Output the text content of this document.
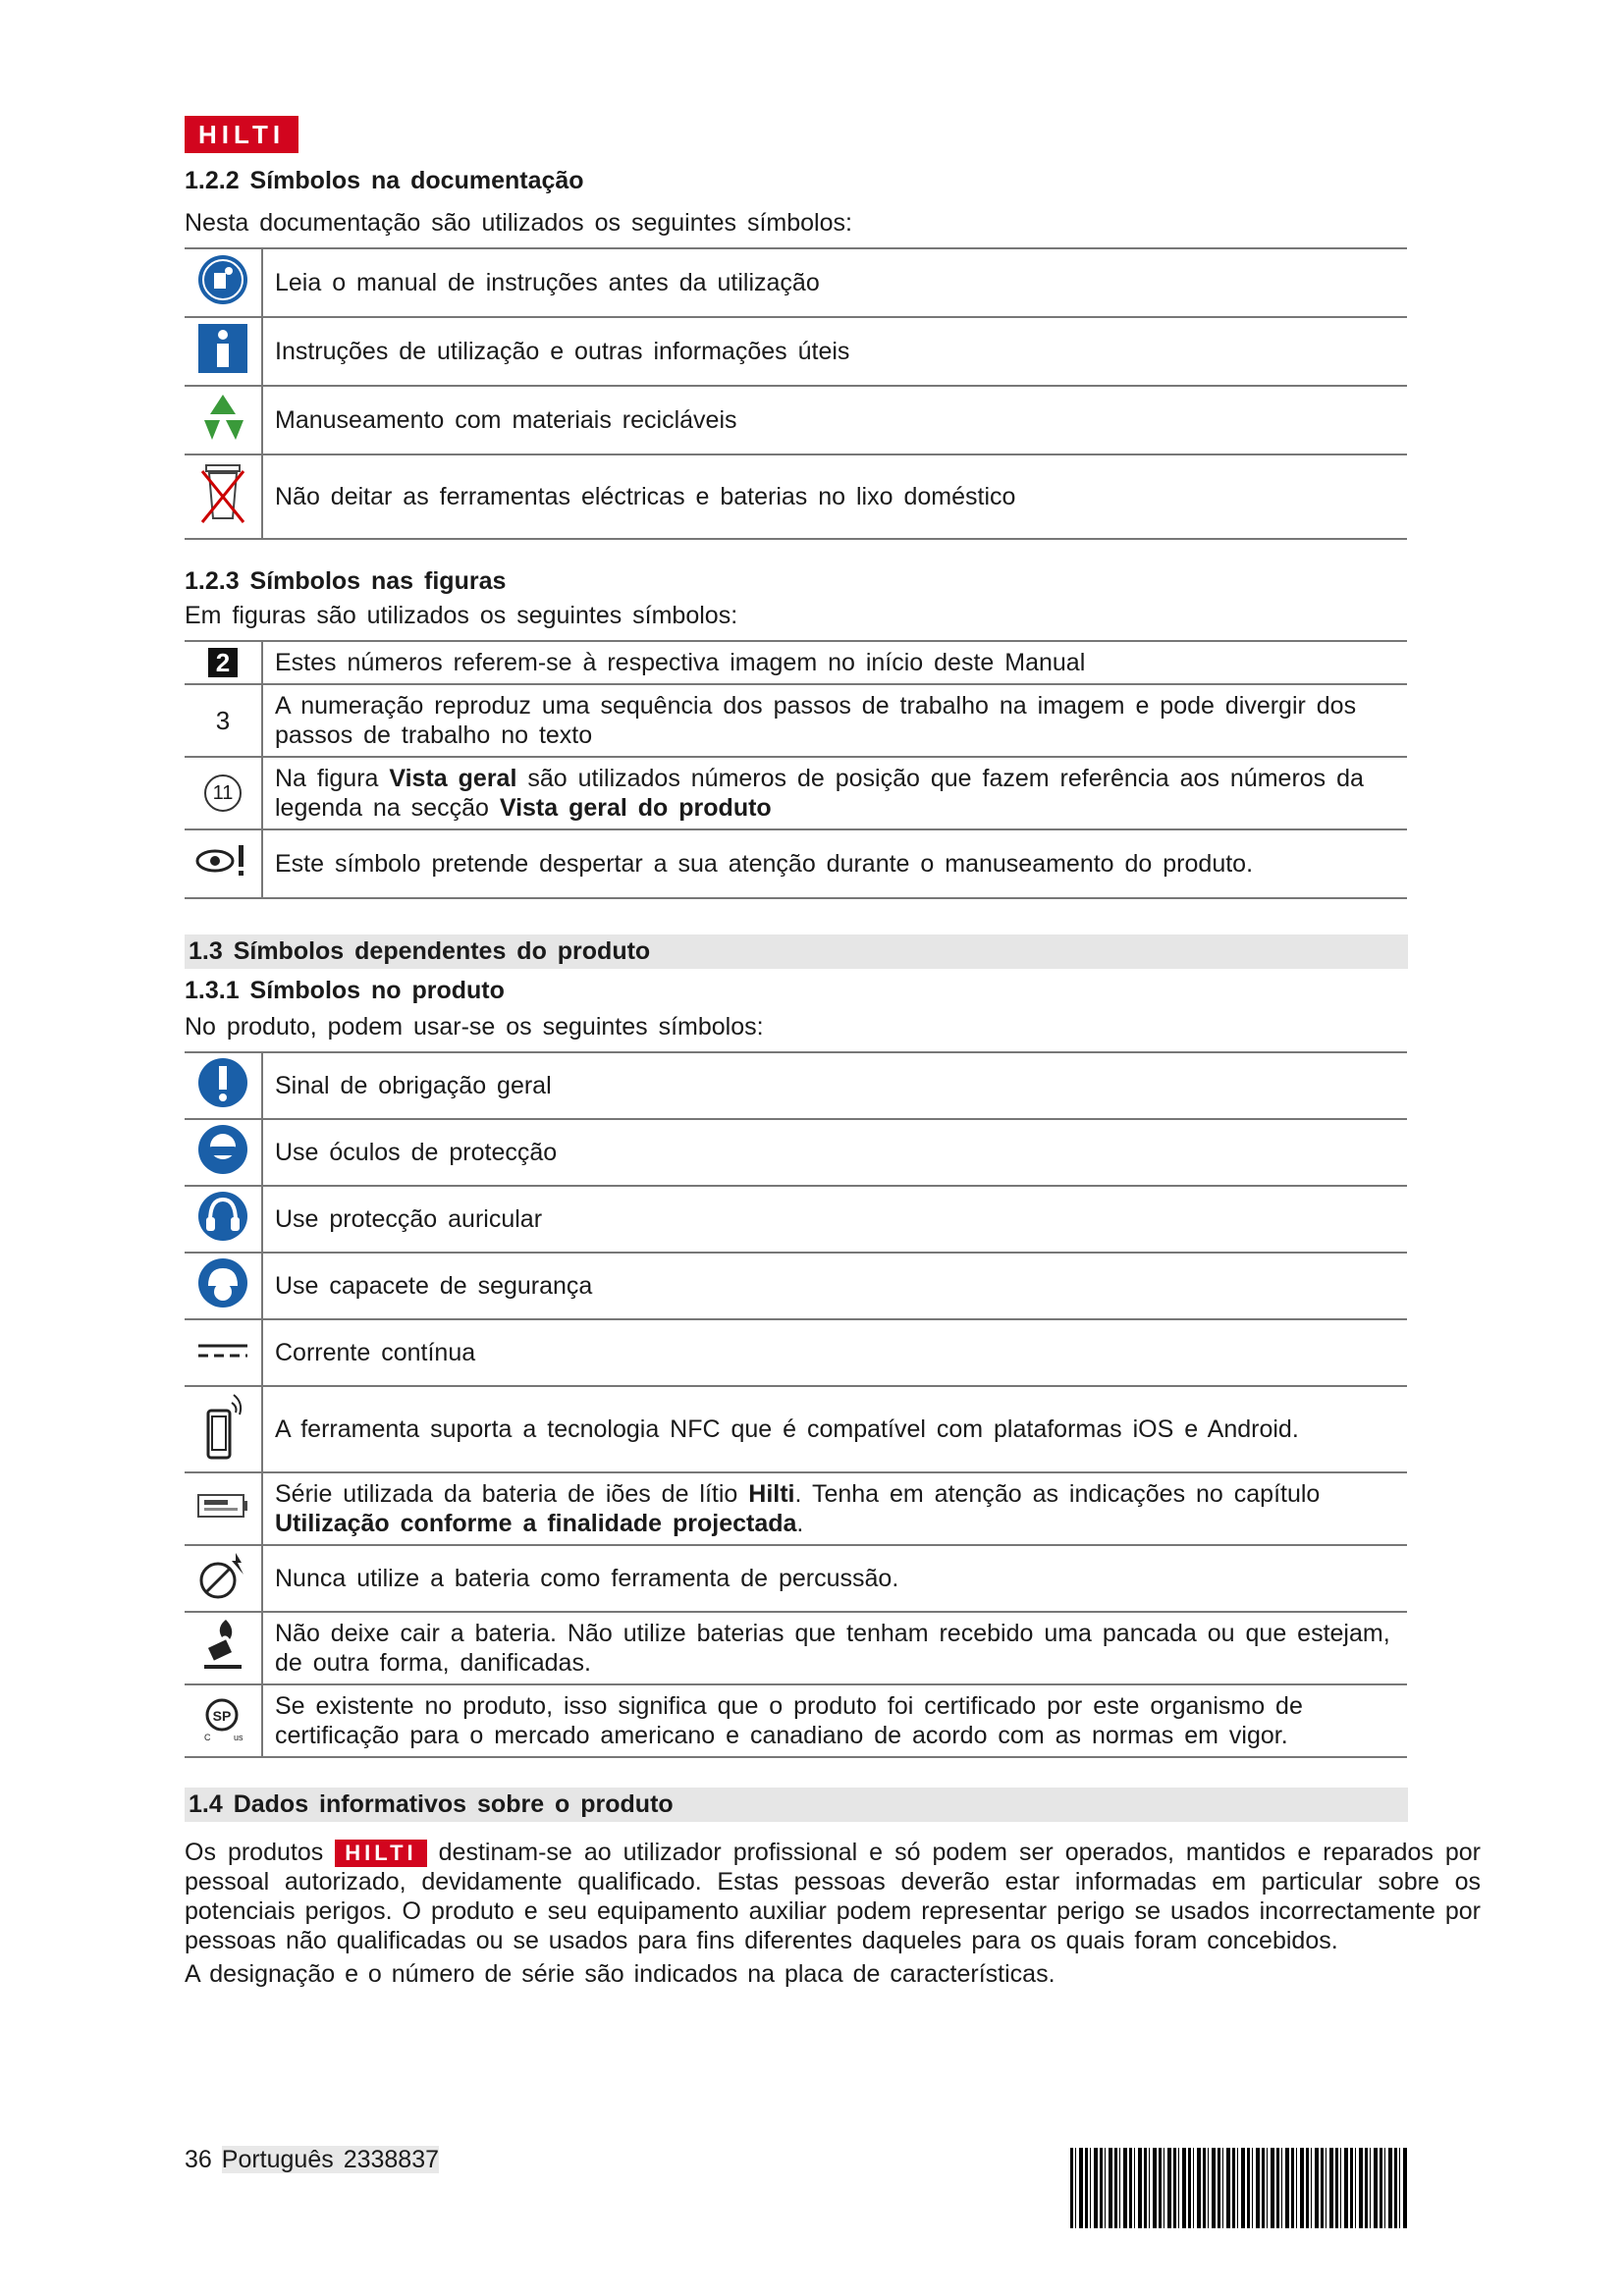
HILTI
1.2.2 Símbolos na documentação
Nesta documentação são utilizados os seguintes símbolos:
	Leia o manual de instruções antes da utilização
	Instruções de utilização e outras informações úteis
	Manuseamento com materiais recicláveis
	Não deitar as ferramentas eléctricas e baterias no lixo doméstico
1.2.3 Símbolos nas figuras
Em figuras são utilizados os seguintes símbolos:
2	Estes números referem-se à respectiva imagem no início deste Manual
3	A numeração reproduz uma sequência dos passos de trabalho na imagem e pode divergir dos passos de trabalho no texto
11	Na figura Vista geral são utilizados números de posição que fazem referência aos números da legenda na secção Vista geral do produto
	Este símbolo pretende despertar a sua atenção durante o manuseamento do produto.
1.3 Símbolos dependentes do produto
1.3.1 Símbolos no produto
No produto, podem usar-se os seguintes símbolos:
	Sinal de obrigação geral
	Use óculos de protecção
	Use protecção auricular
	Use capacete de segurança
	Corrente contínua
	A ferramenta suporta a tecnologia NFC que é compatível com plataformas iOS e Android.
	Série utilizada da bateria de iões de lítio Hilti. Tenha em atenção as indicações no capítulo Utilização conforme a finalidade projectada.
	Nunca utilize a bateria como ferramenta de percussão.
	Não deixe cair a bateria. Não utilize baterias que tenham recebido uma pancada ou que estejam, de outra forma, danificadas.

SP
C us	Se existente no produto, isso significa que o produto foi certificado por este organismo de certificação para o mercado americano e canadiano de acordo com as normas em vigor.
1.4 Dados informativos sobre o produto
Os produtos HILTI destinam-se ao utilizador profissional e só podem ser operados, mantidos e reparados por pessoal autorizado, devidamente qualificado. Estas pessoas deverão estar informadas em particular sobre os potenciais perigos. O produto e seu equipamento auxiliar podem representar perigo se usados incorrectamente por pessoas não qualificadas ou se usados para fins diferentes daqueles para os quais foram concebidos.
A designação e o número de série são indicados na placa de características.
36 Português 2338837
